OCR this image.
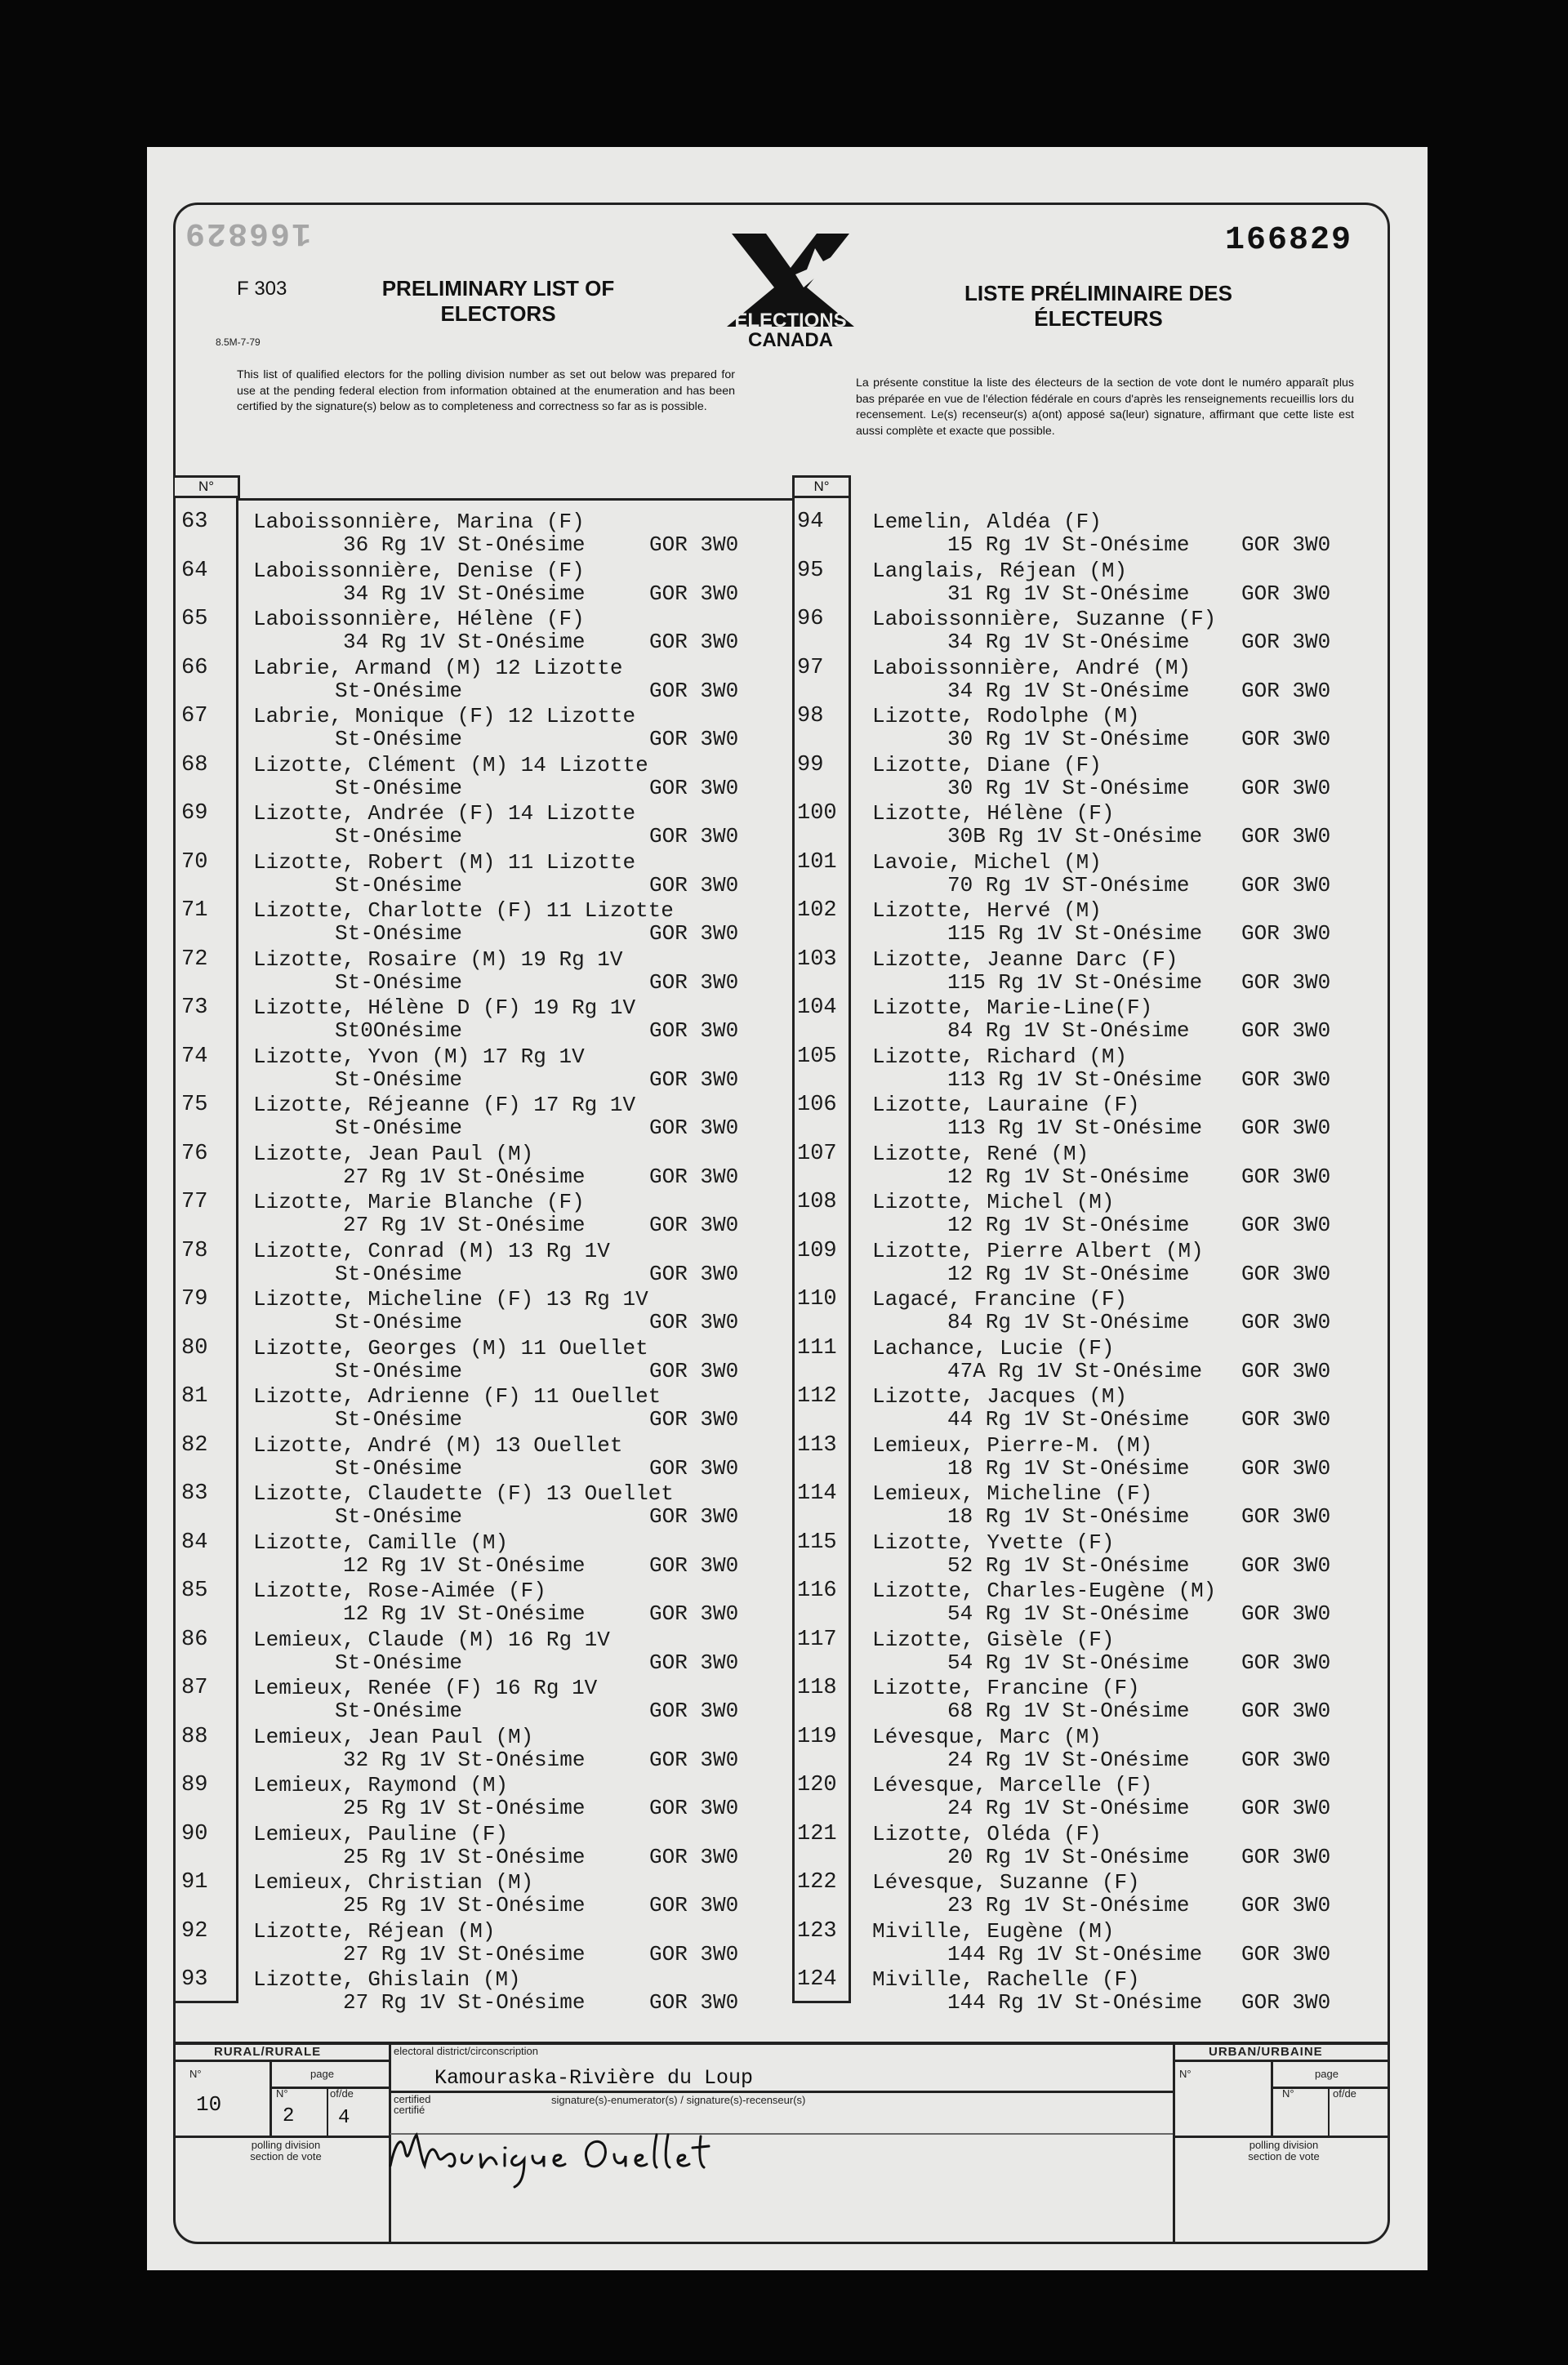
166829	166829
F 303
8.5M-7-79
PRELIMINARY LIST OF ELECTORS
LISTE PRÉLIMINAIRE DES ÉLECTEURS
ELECTIONS
CANADA
This list of qualified electors for the polling division number as set out below was prepared for use at the pending federal election from information obtained at the enumeration and has been certified by the signature(s) below as to completeness and correctness so far as is possible.
La présente constitue la liste des électeurs de la section de vote dont le numéro apparaît plus bas préparée en vue de l'élection fédérale en cours d'après les renseignements recueillis lors du recensement. Le(s) recenseur(s) a(ont) apposé sa(leur) signature, affirmant que cette liste est aussi complète et exacte que possible.
N°	N°
63 Laboissonnière, Marina (F)
36 Rg 1V St-Onésime	GOR 3W0
64 Laboissonnière, Denise (F)
34 Rg 1V St-Onésime	GOR 3W0
65 Laboissonnière, Hélène (F)
34 Rg 1V St-Onésime	GOR 3W0
66 Labrie, Armand (M) 12 Lizotte
St-Onésime	GOR 3W0
67 Labrie, Monique (F) 12 Lizotte
St-Onésime	GOR 3W0
68 Lizotte, Clément (M) 14 Lizotte
St-Onésime	GOR 3W0
69 Lizotte, Andrée (F) 14 Lizotte
St-Onésime	GOR 3W0
70 Lizotte, Robert (M) 11 Lizotte
St-Onésime	GOR 3W0
71 Lizotte, Charlotte (F) 11 Lizotte
St-Onésime	GOR 3W0
72 Lizotte, Rosaire (M) 19 Rg 1V
St-Onésime	GOR 3W0
73 Lizotte, Hélène D (F) 19 Rg 1V
St0Onésime	GOR 3W0
74 Lizotte, Yvon (M) 17 Rg 1V
St-Onésime	GOR 3W0
75 Lizotte, Réjeanne (F) 17 Rg 1V
St-Onésime	GOR 3W0
76 Lizotte, Jean Paul (M)
27 Rg 1V St-Onésime	GOR 3W0
77 Lizotte, Marie Blanche (F)
27 Rg 1V St-Onésime	GOR 3W0
78 Lizotte, Conrad (M) 13 Rg 1V
St-Onésime	GOR 3W0
79 Lizotte, Micheline (F) 13 Rg 1V
St-Onésime	GOR 3W0
80 Lizotte, Georges (M) 11 Ouellet
St-Onésime	GOR 3W0
81 Lizotte, Adrienne (F) 11 Ouellet
St-Onésime	GOR 3W0
82 Lizotte, André (M) 13 Ouellet
St-Onésime	GOR 3W0
83 Lizotte, Claudette (F) 13 Ouellet
St-Onésime	GOR 3W0
84 Lizotte, Camille (M)
12 Rg 1V St-Onésime	GOR 3W0
85 Lizotte, Rose-Aimée (F)
12 Rg 1V St-Onésime	GOR 3W0
86 Lemieux, Claude (M) 16 Rg 1V
St-Onésime	GOR 3W0
87 Lemieux, Renée (F) 16 Rg 1V
St-Onésime	GOR 3W0
88 Lemieux, Jean Paul (M)
32 Rg 1V St-Onésime	GOR 3W0
89 Lemieux, Raymond (M)
25 Rg 1V St-Onésime	GOR 3W0
90 Lemieux, Pauline (F)
25 Rg 1V St-Onésime	GOR 3W0
91 Lemieux, Christian (M)
25 Rg 1V St-Onésime	GOR 3W0
92 Lizotte, Réjean (M)
27 Rg 1V St-Onésime	GOR 3W0
93 Lizotte, Ghislain (M)
27 Rg 1V St-Onésime	GOR 3W0
94 Lemelin, Aldéa (F)
15 Rg 1V St-Onésime GOR 3W0
95 Langlais, Réjean (M)
31 Rg 1V St-Onésime GOR 3W0
96 Laboissonnière, Suzanne (F)
34 Rg 1V St-Onésime GOR 3W0
97 Laboissonnière, André (M)
34 Rg 1V St-Onésime GOR 3W0
98 Lizotte, Rodolphe (M)
30 Rg 1V St-Onésime GOR 3W0
99 Lizotte, Diane (F)
30 Rg 1V St-Onésime GOR 3W0
100 Lizotte, Hélène (F)
30B Rg 1V St-Onésime GOR 3W0
101 Lavoie, Michel (M)
70 Rg 1V ST-Onésime GOR 3W0
102 Lizotte, Hervé (M)
115 Rg 1V St-Onésime GOR 3W0
103 Lizotte, Jeanne Darc (F)
115 Rg 1V St-Onésime GOR 3W0
104 Lizotte, Marie-Line(F)
84 Rg 1V St-Onésime GOR 3W0
105 Lizotte, Richard (M)
113 Rg 1V St-Onésime GOR 3W0
106 Lizotte, Lauraine (F)
113 Rg 1V St-Onésime GOR 3W0
107 Lizotte, René (M)
12 Rg 1V St-Onésime GOR 3W0
108 Lizotte, Michel (M)
12 Rg 1V St-Onésime GOR 3W0
109 Lizotte, Pierre Albert (M)
12 Rg 1V St-Onésime GOR 3W0
110 Lagacé, Francine (F)
84 Rg 1V St-Onésime GOR 3W0
111 Lachance, Lucie (F)
47A Rg 1V St-Onésime GOR 3W0
112 Lizotte, Jacques (M)
44 Rg 1V St-Onésime GOR 3W0
113 Lemieux, Pierre-M. (M)
18 Rg 1V St-Onésime GOR 3W0
114 Lemieux, Micheline (F)
18 Rg 1V St-Onésime GOR 3W0
115 Lizotte, Yvette (F)
52 Rg 1V St-Onésime GOR 3W0
116 Lizotte, Charles-Eugène (M)
54 Rg 1V St-Onésime GOR 3W0
117 Lizotte, Gisèle (F)
54 Rg 1V St-Onésime GOR 3W0
118 Lizotte, Francine (F)
68 Rg 1V St-Onésime GOR 3W0
119 Lévesque, Marc (M)
24 Rg 1V St-Onésime GOR 3W0
120 Lévesque, Marcelle (F)
24 Rg 1V St-Onésime GOR 3W0
121 Lizotte, Oléda (F)
20 Rg 1V St-Onésime GOR 3W0
122 Lévesque, Suzanne (F)
23 Rg 1V St-Onésime GOR 3W0
123 Miville, Eugène (M)
144 Rg 1V St-Onésime GOR 3W0
124 Miville, Rachelle (F)
144 Rg 1V St-Onésime GOR 3W0
RURAL/RURALE	URBAN/URBAINE
N°	page
10	N°	of/de
2 4
polling division
section de vote
electoral district/circonscription
Kamouraska-Rivière du Loup
certified
certifié
signature(s)-enumerator(s) / signature(s)-recenseur(s)
N°	page
N°	of/de
polling division
section de vote
